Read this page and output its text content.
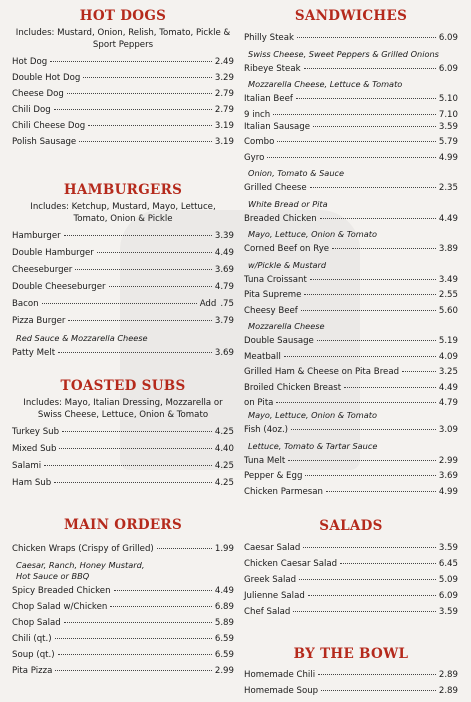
HOT DOGS
Includes: Mustard, Onion, Relish, Tomato, Pickle & Sport Peppers
Hot Dog	2.49
Double Hot Dog	3.29
Cheese Dog	2.79
Chili Dog	2.79
Chili Cheese Dog	3.19
Polish Sausage	3.19
HAMBURGERS
Includes: Ketchup, Mustard, Mayo, Lettuce, Tomato, Onion & Pickle
Hamburger	3.39
Double Hamburger	4.49
Cheeseburger	3.69
Double Cheeseburger	4.79
Bacon	Add .75
Pizza Burger	3.79
Red Sauce & Mozzarella Cheese
Patty Melt	3.69
TOASTED SUBS
Includes: Mayo, Italian Dressing, Mozzarella or Swiss Cheese, Lettuce, Onion & Tomato
Turkey Sub	4.25
Mixed Sub	4.40
Salami	4.25
Ham Sub	4.25
MAIN ORDERS
Chicken Wraps (Crispy of Grilled)	1.99
Caesar, Ranch, Honey Mustard,
Hot Sauce or BBQ
Spicy Breaded Chicken	4.49
Chop Salad w/Chicken	6.89
Chop Salad	5.89
Chili (qt.)	6.59
Soup (qt.)	6.59
Pita Pizza	2.99
SANDWICHES
Philly Steak	6.09
Swiss Cheese, Sweet Peppers & Grilled Onions
Ribeye Steak	6.09
Mozzarella Cheese, Lettuce & Tomato
Italian Beef	5.10
9 inch	7.10
Italian Sausage	3.59
Combo	5.79
Gyro	4.99
Onion, Tomato & Sauce
Grilled Cheese	2.35
White Bread or Pita
Breaded Chicken	4.49
Mayo, Lettuce, Onion & Tomato
Corned Beef on Rye	3.89
w/Pickle & Mustard
Tuna Croissant	3.49
Pita Supreme	2.55
Cheesy Beef	5.60
Mozzarella Cheese
Double Sausage	5.19
Meatball	4.09
Grilled Ham & Cheese on Pita Bread	3.25
Broiled Chicken Breast	4.49
on Pita	4.79
Mayo, Lettuce, Onion & Tomato
Fish (4oz.)	3.09
Lettuce, Tomato & Tartar Sauce
Tuna Melt	2.99
Pepper & Egg	3.69
Chicken Parmesan	4.99
SALADS
Caesar Salad	3.59
Chicken Caesar Salad	6.45
Greek Salad	5.09
Julienne Salad	6.09
Chef Salad	3.59
BY THE BOWL
Homemade Chili	2.89
Homemade Soup	2.89
